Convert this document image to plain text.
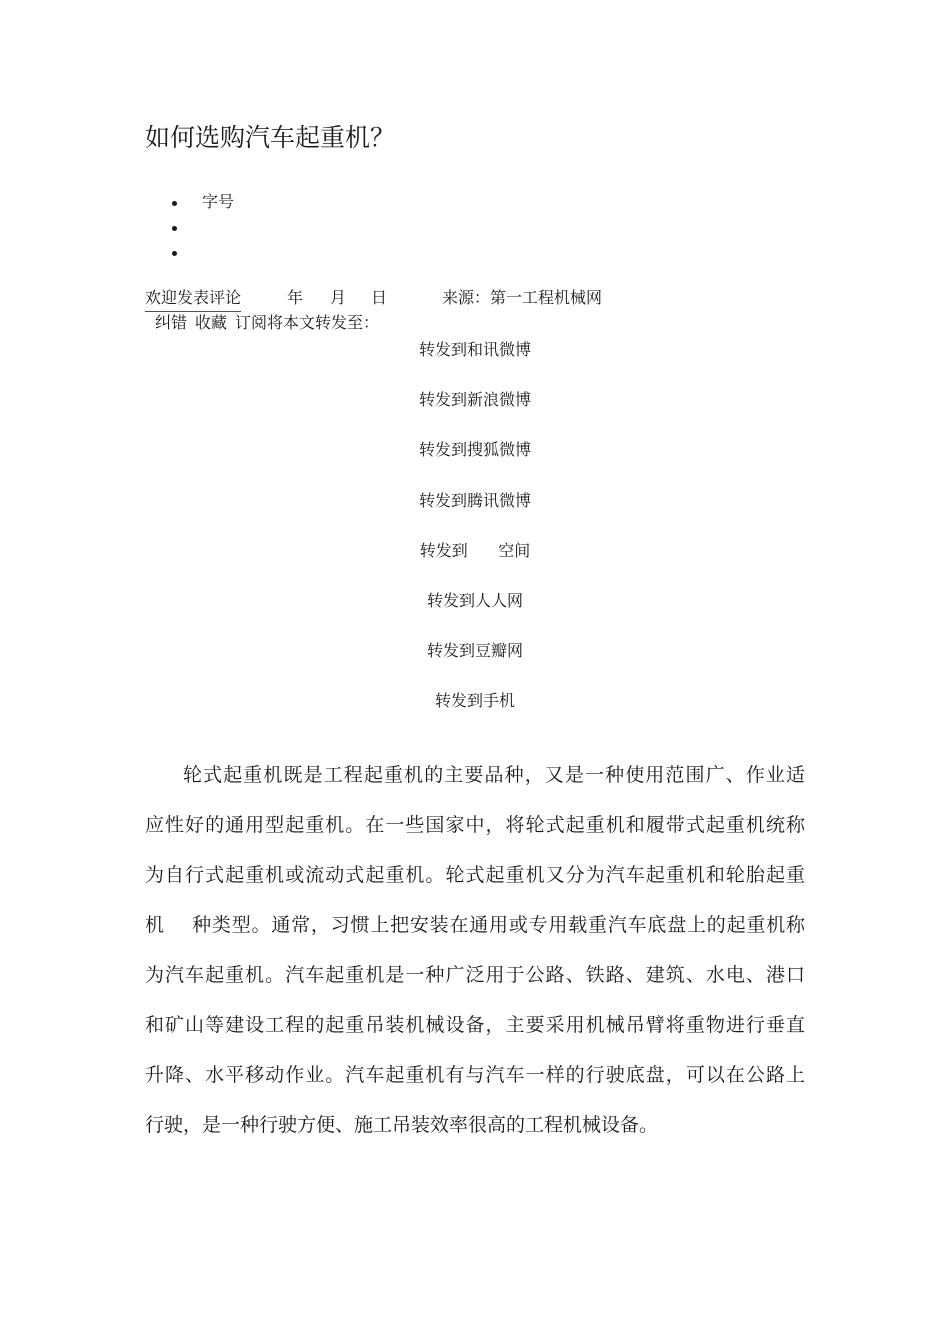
如何选购汽车起重机？
字号
欢迎发表评论	年 月 日	来源：第一工程机械网
纠错 收藏 订阅将本文转发至：
转发到和讯微博
转发到新浪微博
转发到搜狐微博
转发到腾讯微博
转发到      空间
转发到人人网
转发到豆瓣网
转发到手机

轮式起重机既是工程起重机的主要品种，又是一种使用范围广、作业适
应性好的通用型起重机。在一些国家中，将轮式起重机和履带式起重机统称
为自行式起重机或流动式起重机。轮式起重机又分为汽车起重机和轮胎起重
机    种类型。通常，习惯上把安装在通用或专用载重汽车底盘上的起重机称
为汽车起重机。汽车起重机是一种广泛用于公路、铁路、建筑、水电、港口
和矿山等建设工程的起重吊装机械设备，主要采用机械吊臂将重物进行垂直
升降、水平移动作业。汽车起重机有与汽车一样的行驶底盘，可以在公路上
行驶，是一种行驶方便、施工吊装效率很高的工程机械设备。
